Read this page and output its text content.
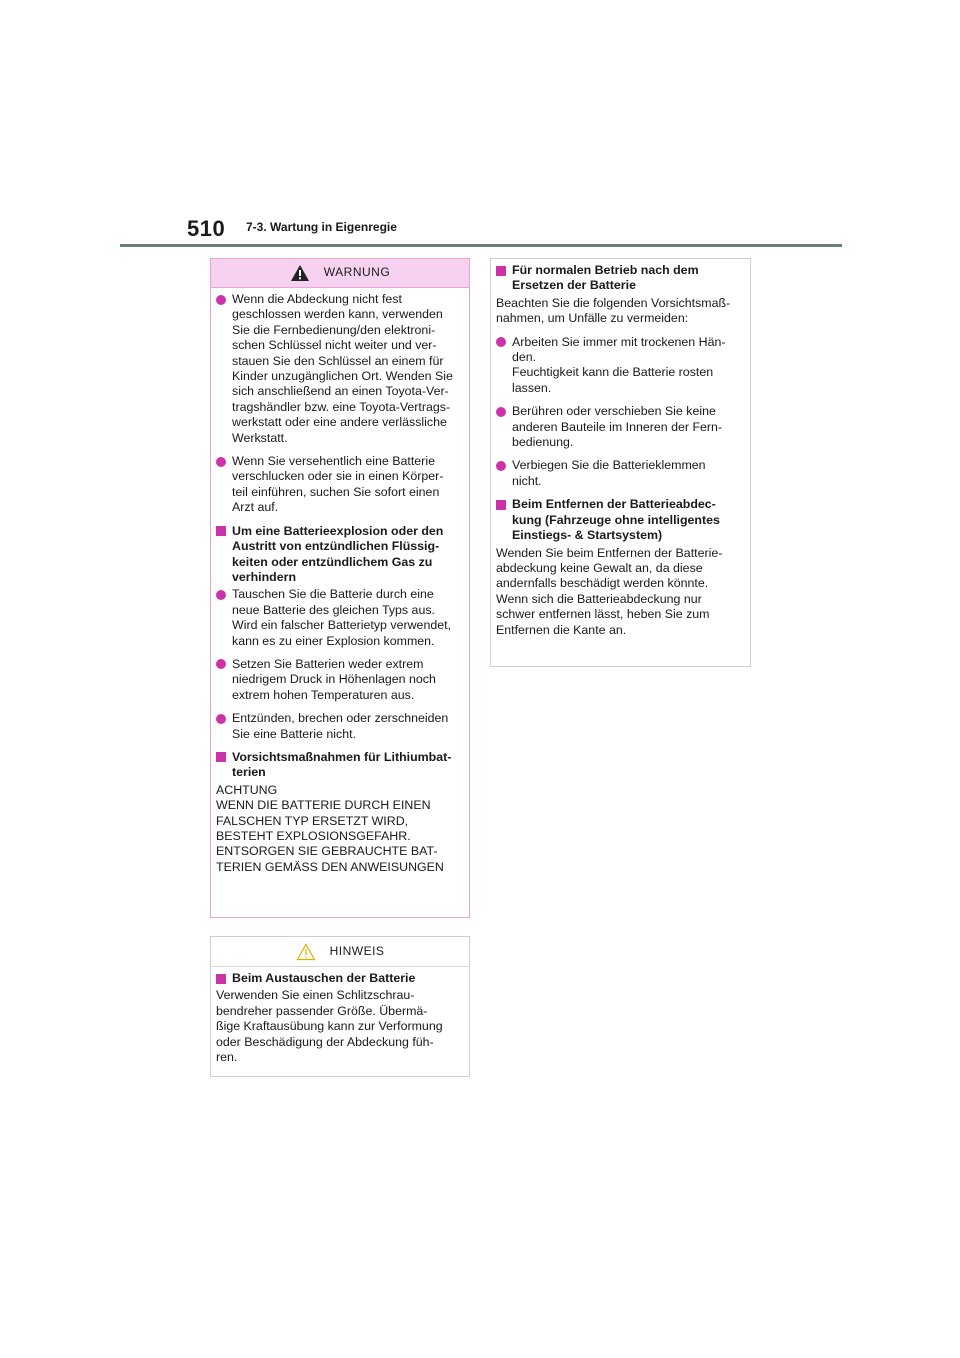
510 7-3. Wartung in Eigenregie
WARNUNG
Wenn die Abdeckung nicht fest
geschlossen werden kann, verwenden
Sie die Fernbedienung/den elektroni-
schen Schlüssel nicht weiter und ver-
stauen Sie den Schlüssel an einem für
Kinder unzugänglichen Ort. Wenden Sie
sich anschließend an einen Toyota-Ver-
tragshändler bzw. eine Toyota-Vertrags-
werkstatt oder eine andere verlässliche
Werkstatt.
Wenn Sie versehentlich eine Batterie
verschlucken oder sie in einen Körper-
teil einführen, suchen Sie sofort einen
Arzt auf.
Um eine Batterieexplosion oder den
Austritt von entzündlichen Flüssig-
keiten oder entzündlichem Gas zu
verhindern
Tauschen Sie die Batterie durch eine
neue Batterie des gleichen Typs aus.
Wird ein falscher Batterietyp verwendet,
kann es zu einer Explosion kommen.
Setzen Sie Batterien weder extrem
niedrigem Druck in Höhenlagen noch
extrem hohen Temperaturen aus.
Entzünden, brechen oder zerschneiden
Sie eine Batterie nicht.
Vorsichtsmaßnahmen für Lithiumbat-
terien
ACHTUNG
WENN DIE BATTERIE DURCH EINEN
FALSCHEN TYP ERSETZT WIRD,
BESTEHT EXPLOSIONSGEFAHR.
ENTSORGEN SIE GEBRAUCHTE BAT-
TERIEN GEMÄSS DEN ANWEISUNGEN
HINWEIS
Beim Austauschen der Batterie
Verwenden Sie einen Schlitzschrau-
bendreher passender Größe. Übermä-
ßige Kraftausübung kann zur Verformung
oder Beschädigung der Abdeckung füh-
ren.
Für normalen Betrieb nach dem
Ersetzen der Batterie
Beachten Sie die folgenden Vorsichtsmaß-
nahmen, um Unfälle zu vermeiden:
Arbeiten Sie immer mit trockenen Hän-
den.
Feuchtigkeit kann die Batterie rosten
lassen.
Berühren oder verschieben Sie keine
anderen Bauteile im Inneren der Fern-
bedienung.
Verbiegen Sie die Batterieklemmen
nicht.
Beim Entfernen der Batterieabdec-
kung (Fahrzeuge ohne intelligentes
Einstiegs- & Startsystem)
Wenden Sie beim Entfernen der Batterie-
abdeckung keine Gewalt an, da diese
andernfalls beschädigt werden könnte.
Wenn sich die Batterieabdeckung nur
schwer entfernen lässt, heben Sie zum
Entfernen die Kante an.
